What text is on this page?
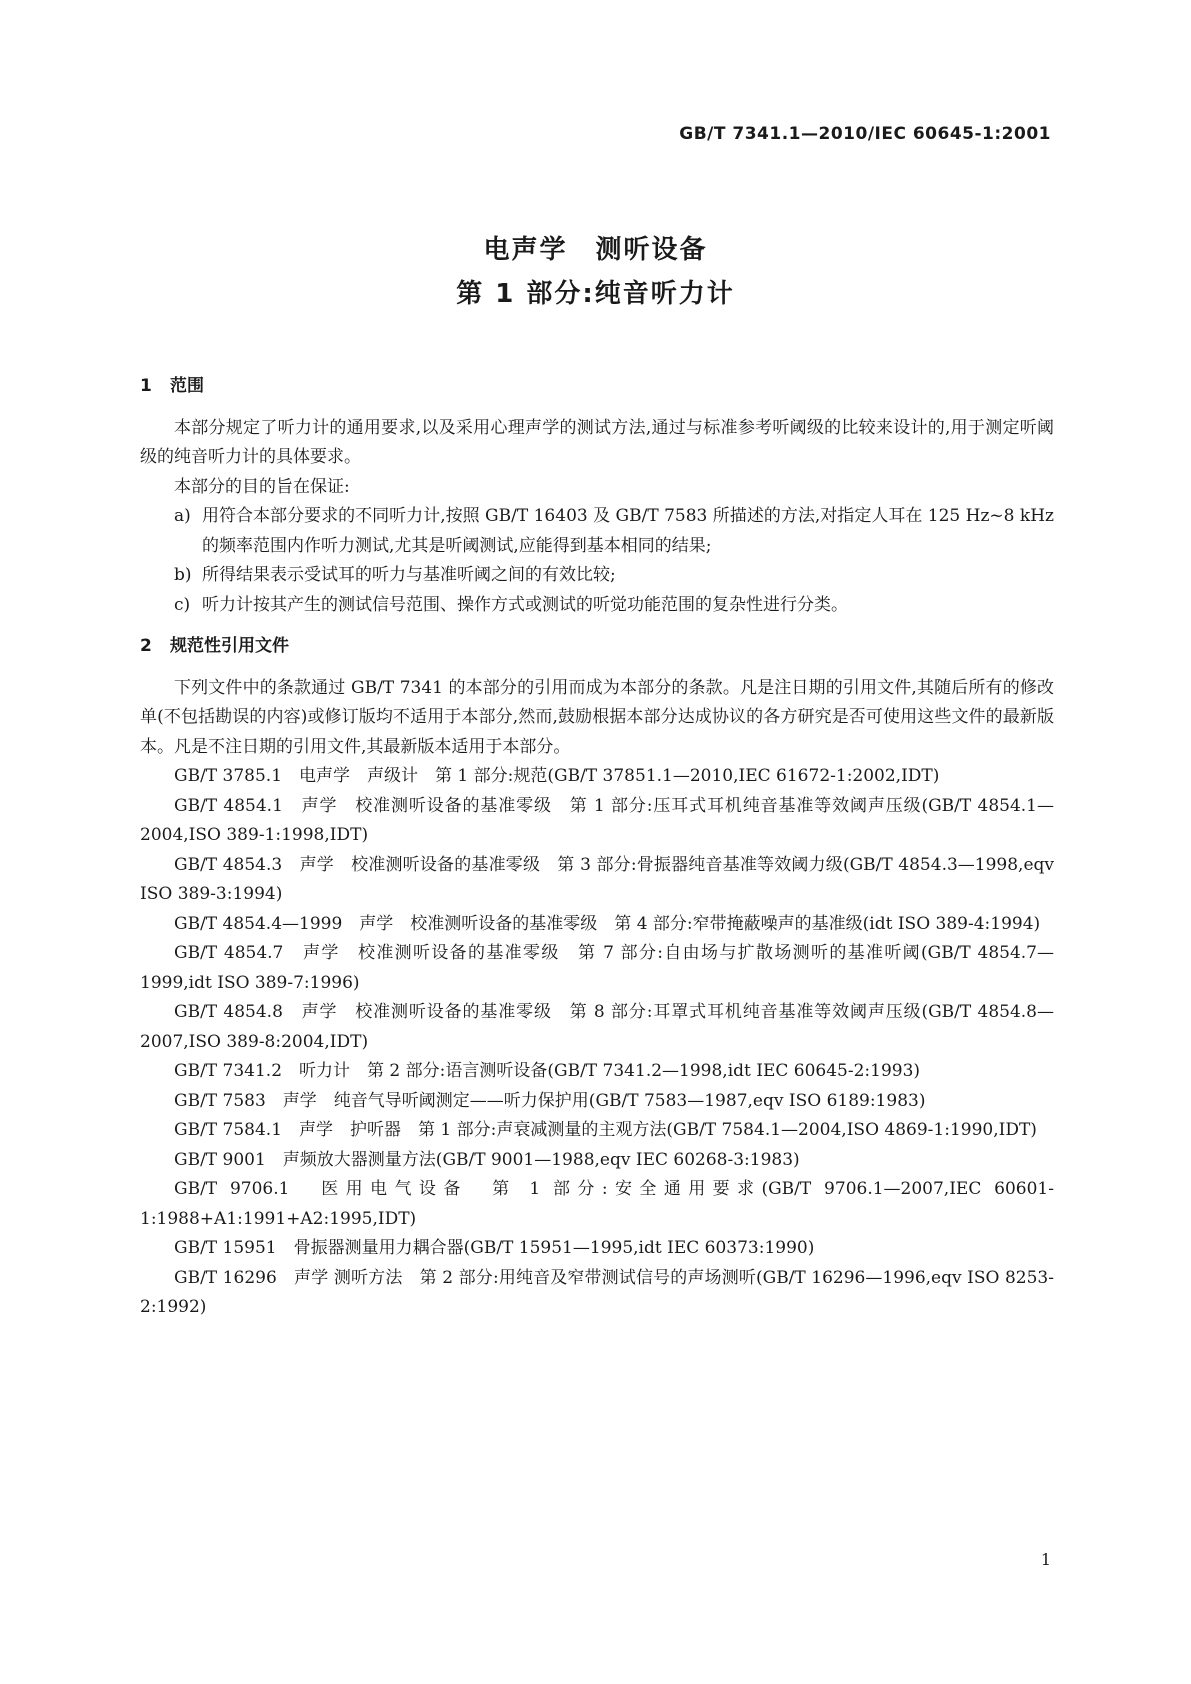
GB/T 7341.1—2010/IEC 60645-1:2001
电声学　测听设备
第 1 部分:纯音听力计
1 范围

本部分规定了听力计的通用要求,以及采用心理声学的测试方法,通过与标准参考听阈级的比较来设计的,用于测定听阈级的纯音听力计的具体要求。

本部分的目的旨在保证:

a) 用符合本部分要求的不同听力计,按照 GB/T 16403 及 GB/T 7583 所描述的方法,对指定人耳在 125 Hz~8 kHz 的频率范围内作听力测试,尤其是听阈测试,应能得到基本相同的结果;

b) 所得结果表示受试耳的听力与基准听阈之间的有效比较;

c) 听力计按其产生的测试信号范围、操作方式或测试的听觉功能范围的复杂性进行分类。

2 规范性引用文件

下列文件中的条款通过 GB/T 7341 的本部分的引用而成为本部分的条款。凡是注日期的引用文件,其随后所有的修改单(不包括勘误的内容)或修订版均不适用于本部分,然而,鼓励根据本部分达成协议的各方研究是否可使用这些文件的最新版本。凡是不注日期的引用文件,其最新版本适用于本部分。

GB/T 3785.1　电声学　声级计　第 1 部分:规范(GB/T 37851.1—2010,IEC 61672-1:2002,IDT)

GB/T 4854.1　声学　校准测听设备的基准零级　第 1 部分:压耳式耳机纯音基准等效阈声压级(GB/T 4854.1—2004,ISO 389-1:1998,IDT)

GB/T 4854.3　声学　校准测听设备的基准零级　第 3 部分:骨振器纯音基准等效阈力级(GB/T 4854.3—1998,eqv ISO 389-3:1994)

GB/T 4854.4—1999　声学　校准测听设备的基准零级　第 4 部分:窄带掩蔽噪声的基准级(idt ISO 389-4:1994)

GB/T 4854.7　声学　校准测听设备的基准零级　第 7 部分:自由场与扩散场测听的基准听阈(GB/T 4854.7—1999,idt ISO 389-7:1996)

GB/T 4854.8　声学　校准测听设备的基准零级　第 8 部分:耳罩式耳机纯音基准等效阈声压级(GB/T 4854.8—2007,ISO 389-8:2004,IDT)

GB/T 7341.2　听力计　第 2 部分:语言测听设备(GB/T 7341.2—1998,idt IEC 60645-2:1993)

GB/T 7583　声学　纯音气导听阈测定——听力保护用(GB/T 7583—1987,eqv ISO 6189:1983)

GB/T 7584.1　声学　护听器　第 1 部分:声衰减测量的主观方法(GB/T 7584.1—2004,ISO 4869-1:1990,IDT)

GB/T 9001　声频放大器测量方法(GB/T 9001—1988,eqv IEC 60268-3:1983)

GB/T 9706.1　医用电气设备　第 1 部分:安全通用要求(GB/T 9706.1—2007,IEC 60601-1:1988+A1:1991+A2:1995,IDT)

GB/T 15951　骨振器测量用力耦合器(GB/T 15951—1995,idt IEC 60373:1990)

GB/T 16296　声学 测听方法　第 2 部分:用纯音及窄带测试信号的声场测听(GB/T 16296—1996,eqv ISO 8253-2:1992)

1
